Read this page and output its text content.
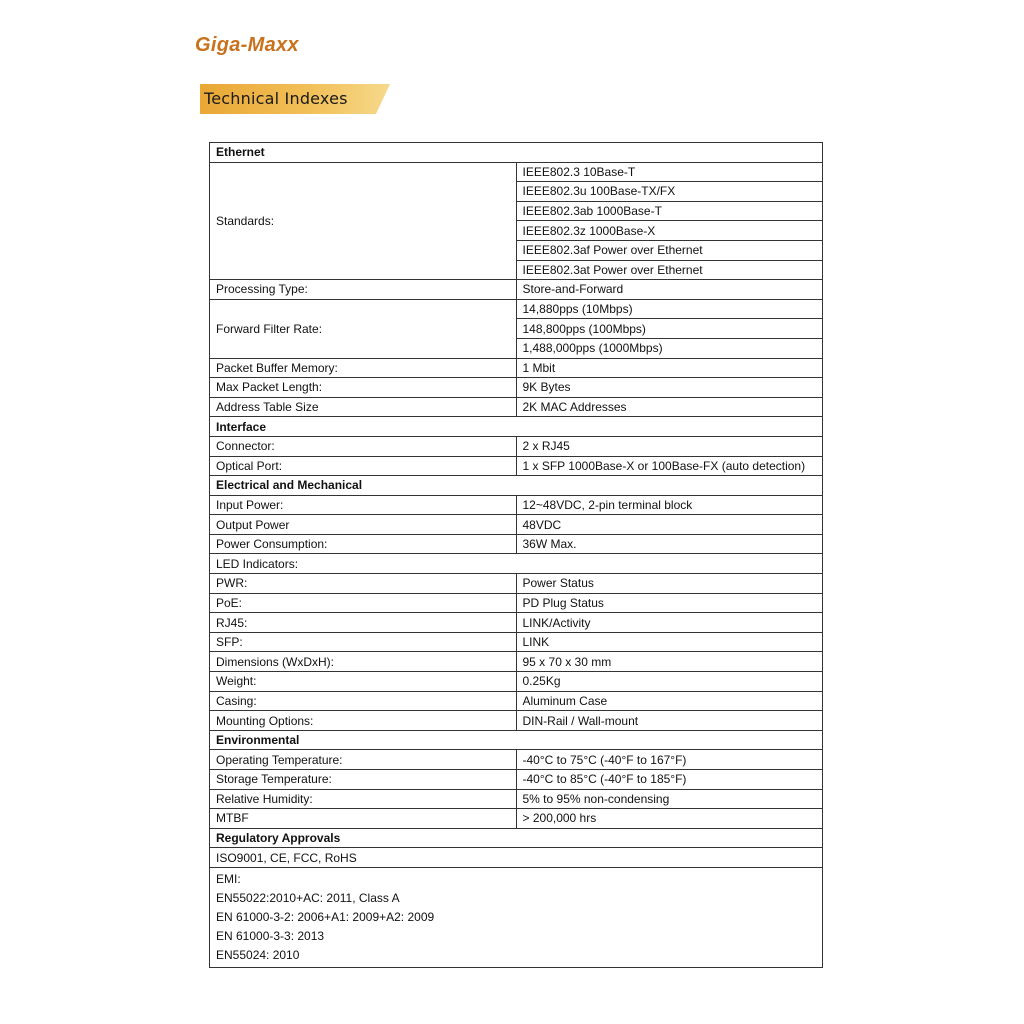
Giga-Maxx
Technical Indexes
Ethernet	
Standards:	IEEE802.3 10Base-T
	IEEE802.3u 100Base-TX/FX
	IEEE802.3ab 1000Base-T
	IEEE802.3z 1000Base-X
	IEEE802.3af Power over Ethernet
	IEEE802.3at Power over Ethernet
Processing Type:	Store-and-Forward
Forward Filter Rate:	14,880pps (10Mbps)
	148,800pps (100Mbps)
	1,488,000pps (1000Mbps)
Packet Buffer Memory:	1 Mbit
Max Packet Length:	9K Bytes
Address Table Size	2K MAC Addresses
Interface	
Connector:	2 x RJ45
Optical Port:	1 x SFP 1000Base-X or 100Base-FX (auto detection)
Electrical and Mechanical	
Input Power:	12~48VDC, 2-pin terminal block
Output Power	48VDC
Power Consumption:	36W Max.
LED Indicators:	
PWR:	Power Status
PoE:	PD Plug Status
RJ45:	LINK/Activity
SFP:	LINK
Dimensions (WxDxH):	95 x 70 x 30 mm
Weight:	0.25Kg
Casing:	Aluminum Case
Mounting Options:	DIN-Rail / Wall-mount
Environmental	
Operating Temperature:	-40°C to 75°C (-40°F to 167°F)
Storage Temperature:	-40°C to 85°C (-40°F to 185°F)
Relative Humidity:	5% to 95% non-condensing
MTBF	> 200,000 hrs
Regulatory Approvals	
ISO9001, CE, FCC, RoHS	

EMI:
EN55022:2010+AC: 2011, Class A
EN 61000-3-2: 2006+A1: 2009+A2: 2009
EN 61000-3-3: 2013
EN55024: 2010	
